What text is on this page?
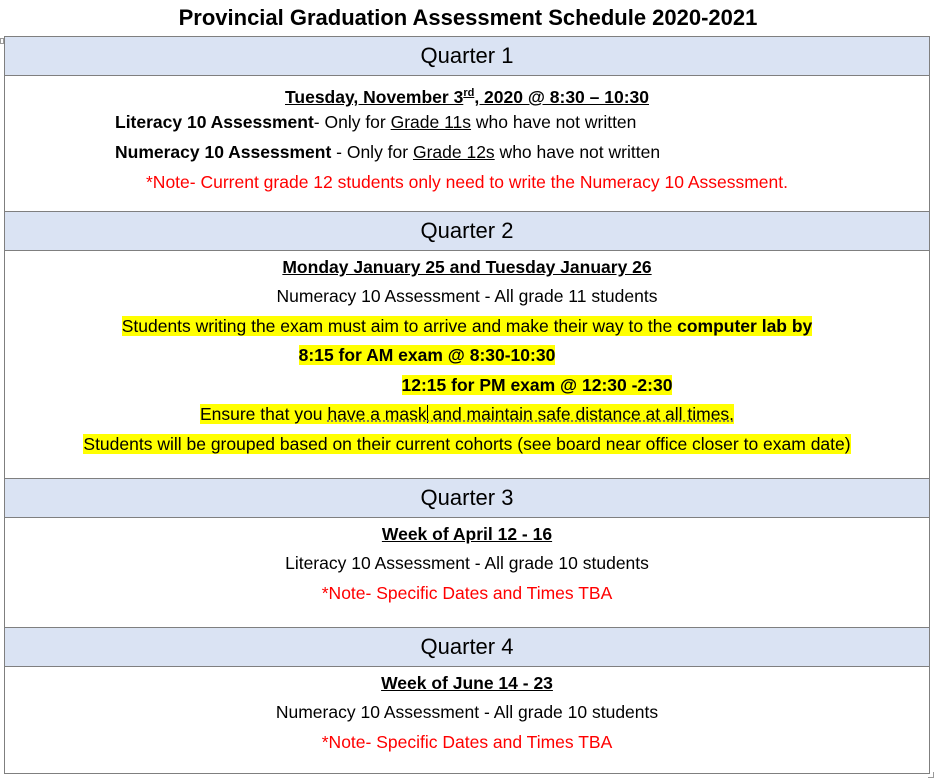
Provincial Graduation Assessment Schedule 2020-2021
Quarter 1
Tuesday, November 3rd, 2020 @ 8:30 – 10:30
Literacy 10 Assessment- Only for Grade 11s who have not written
Numeracy 10 Assessment - Only for Grade 12s who have not written
*Note- Current grade 12 students only need to write the Numeracy 10 Assessment.
Quarter 2
Monday January 25 and Tuesday January 26
Numeracy 10 Assessment - All grade 11 students
Students writing the exam must aim to arrive and make their way to the computer lab by
8:15 for AM exam @ 8:30-10:30
12:15 for PM exam @ 12:30 -2:30
Ensure that you have a mask and maintain safe distance at all times.
Students will be grouped based on their current cohorts (see board near office closer to exam date)
Quarter 3
Week of April 12 - 16
Literacy 10 Assessment - All grade 10 students
*Note- Specific Dates and Times TBA
Quarter 4
Week of June 14 - 23
Numeracy 10 Assessment - All grade 10 students
*Note- Specific Dates and Times TBA
